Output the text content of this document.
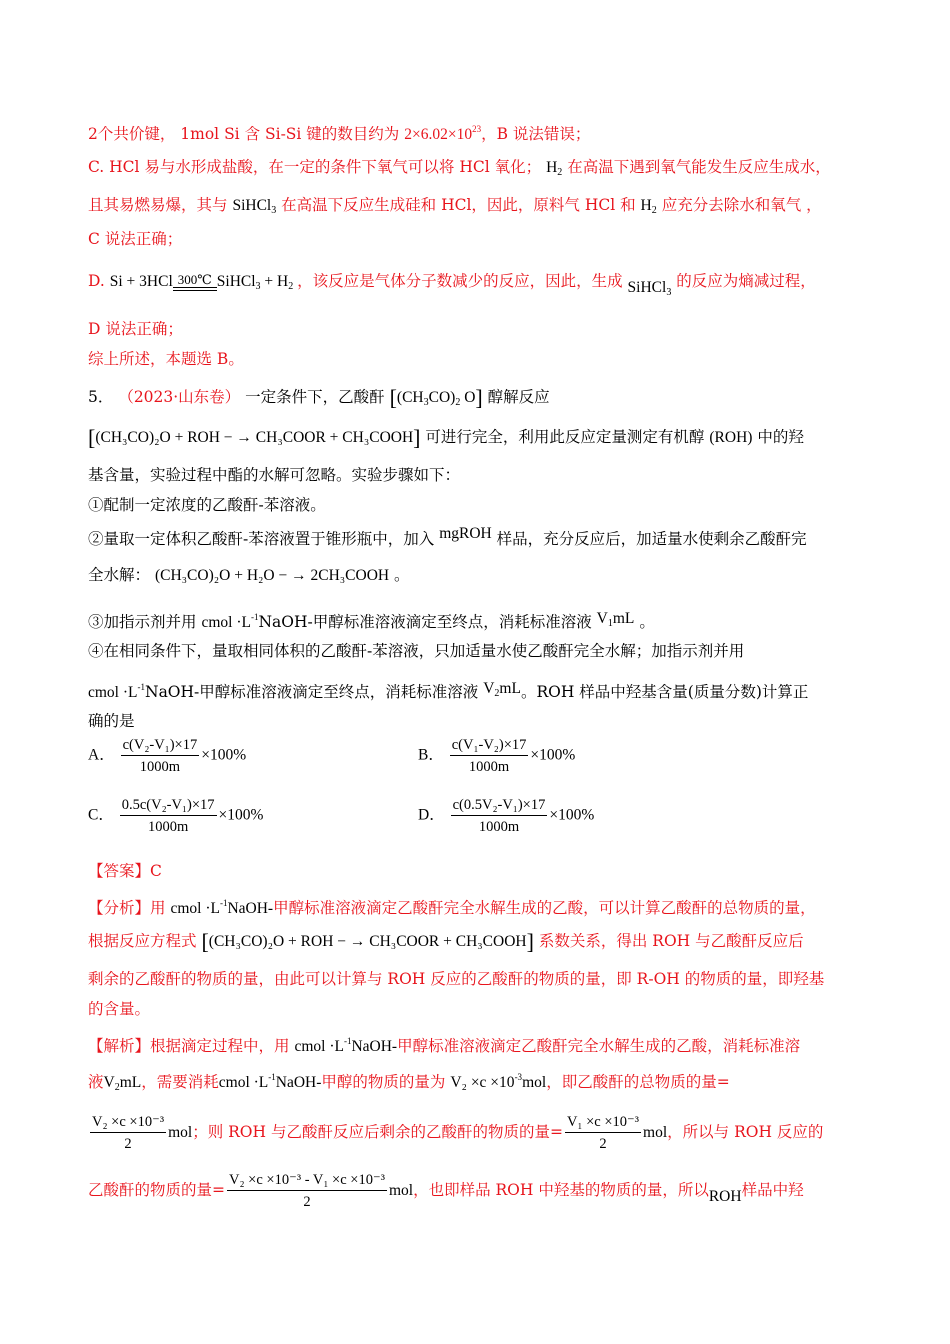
2个共价键， 1mol Si 含 Si-Si 键的数目约为 $2\times 6.02\times 10^{23}$，B 说法错误；
C. HCl 易与水形成盐酸，在一定的条件下氧气可以将 HCl 氧化； $H_2$ 在高温下遇到氧气能发生反应生成水，
且其易燃易爆，其与 SiHCl$_3$ 在高温下反应生成硅和 HCl，因此，原料气 HCl 和 $H_2$ 应充分去除水和氧气 ，
C 说法正确；
D. Si + 3HCl 300℃ SiHCl$_3$ + $H_2$ ，该反应是气体分子数减少的反应，因此，生成 SiHCl$_3$ 的反应为熵减过程，
D 说法正确；
综上所述，本题选 B。
5． （2023·山东卷） 一定条件下，乙酸酐 [$(CH_3CO)_2$ O] 醇解反应
[(CH₃CO)₂O + ROH − → CH₃COOR + CH₃COOH] 可进行完全，利用此反应定量测定有机醇 (ROH) 中的羟
基含量，实验过程中酯的水解可忽略。实验步骤如下：
①配制一定浓度的乙酸酐-苯溶液。
②量取一定体积乙酸酐-苯溶液置于锥形瓶中，加入 mgROH 样品，充分反应后，加适量水使剩余乙酸酐完
全水解： (CH₃CO)₂O + H₂O − → 2CH₃COOH 。
③加指示剂并用 cmol $\cdot L^{-1}NaOH-$甲醇标准溶液滴定至终点，消耗标准溶液 $V_1mL$ 。
④在相同条件下，量取相同体积的乙酸酐-苯溶液，只加适量水使乙酸酐完全水解；加指示剂并用
cmol $\cdot L^{-1}NaOH-$甲醇标准溶液滴定至终点，消耗标准溶液 $V_2mL$。ROH 样品中羟基含量(质量分数)计算正
确的是
A． $\frac{\text{c(V₂-V₁)×17}}{1000m} \times 100\%$	B． $\frac{\text{c(V₁-V₂)×17}}{1000m} \times 100\%$
C． $\frac{\text{0.5c(V₂-V₁)×17}}{1000m} \times 100\%$	D． $\frac{\text{c(0.5V₂-V₁)×17}}{1000m} \times 100\%$
【答案】C
【分析】用 cmol $\cdot L^{-1}NaOH-$甲醇标准溶液滴定乙酸酐完全水解生成的乙酸，可以计算乙酸酐的总物质的量，
根据反应方程式 [(CH₃CO)₂O + ROH − → CH₃COOR + CH₃COOH] 系数关系，得出 ROH 与乙酸酐反应后
剩余的乙酸酐的物质的量，由此可以计算与 ROH 反应的乙酸酐的物质的量，即 R-OH 的物质的量，即羟基
的含量。
【解析】根据滴定过程中，用 cmol $\cdot L^{-1}NaOH-$甲醇标准溶液滴定乙酸酐完全水解生成的乙酸，消耗标准溶
液$V_2mL$，需要消耗cmol $\cdot L^{-1}NaOH-$甲醇的物质的量为 $V_2 \times c \times 10^{-3}mol$，即乙酸酐的总物质的量=
$\frac{\text{V₂ ×c ×10⁻³}}{2}$ mol；则 ROH 与乙酸酐反应后剩余的乙酸酐的物质的量= $\frac{\text{V₁ ×c ×10⁻³}}{2}$ mol，所以与 ROH 反应的
乙酸酐的物质的量= $\frac{\text{V₂ ×c ×10⁻³ - V₁ ×c ×10⁻³}}{2}$ mol，也即样品 ROH 中羟基的物质的量，所以ROH样品中羟
